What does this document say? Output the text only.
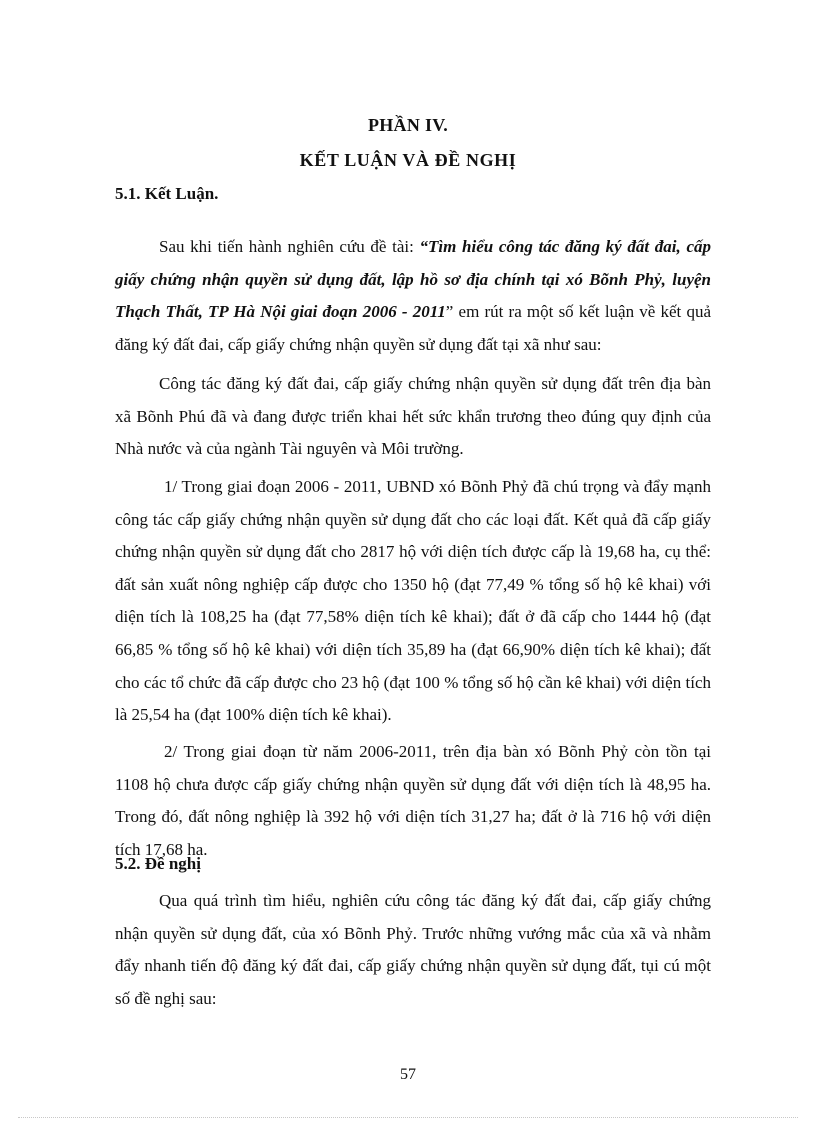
PHẦN IV.
KẾT LUẬN VÀ ĐỀ NGHỊ
5.1. Kết Luận.

Sau khi tiến hành nghiên cứu đề tài: “Tìm hiểu công tác đăng ký đất đai, cấp giấy chứng nhận quyền sử dụng đất, lập hồ sơ địa chính tại xó Bõnh Phỷ, luyện Thạch Thất, TP Hà Nội giai đoạn 2006 - 2011” em rút ra một số kết luận về kết quả đăng ký đất đai, cấp giấy chứng nhận quyền sử dụng đất tại xã như sau:

Công tác đăng ký đất đai, cấp giấy chứng nhận quyền sử dụng đất trên địa bàn xã Bõnh Phú đã và đang được triển khai hết sức khẩn trương theo đúng quy định của Nhà nước và của ngành Tài nguyên và Môi trường.

1/ Trong giai đoạn 2006 - 2011, UBND xó Bõnh Phỷ đã chú trọng và đẩy mạnh công tác cấp giấy chứng nhận quyền sử dụng đất cho các loại đất. Kết quả đã cấp giấy chứng nhận quyền sử dụng đất cho 2817 hộ với diện tích được cấp là 19,68 ha, cụ thể: đất sản xuất nông nghiệp cấp được cho 1350 hộ (đạt 77,49 % tổng số hộ kê khai) với diện tích là 108,25 ha (đạt 77,58% diện tích kê khai); đất ở đã cấp cho 1444 hộ (đạt 66,85 % tổng số hộ kê khai) với diện tích 35,89 ha (đạt 66,90% diện tích kê khai); đất cho các tổ chức đã cấp được cho 23 hộ (đạt 100 % tổng số hộ cần kê khai) với diện tích là 25,54 ha (đạt 100% diện tích kê khai).

2/ Trong giai đoạn từ năm 2006-2011, trên địa bàn xó Bõnh Phỷ còn tồn tại 1108 hộ chưa được cấp giấy chứng nhận quyền sử dụng đất với diện tích là 48,95 ha. Trong đó, đất nông nghiệp là 392 hộ với diện tích 31,27 ha; đất ở là 716 hộ với diện tích 17,68 ha.

5.2. Đề nghị

Qua quá trình tìm hiểu, nghiên cứu công tác đăng ký đất đai, cấp giấy chứng nhận quyền sử dụng đất, của xó Bõnh Phỷ. Trước những vướng mắc của xã và nhằm đẩy nhanh tiến độ đăng ký đất đai, cấp giấy chứng nhận quyền sử dụng đất, tụi cú một số đề nghị sau:

57
